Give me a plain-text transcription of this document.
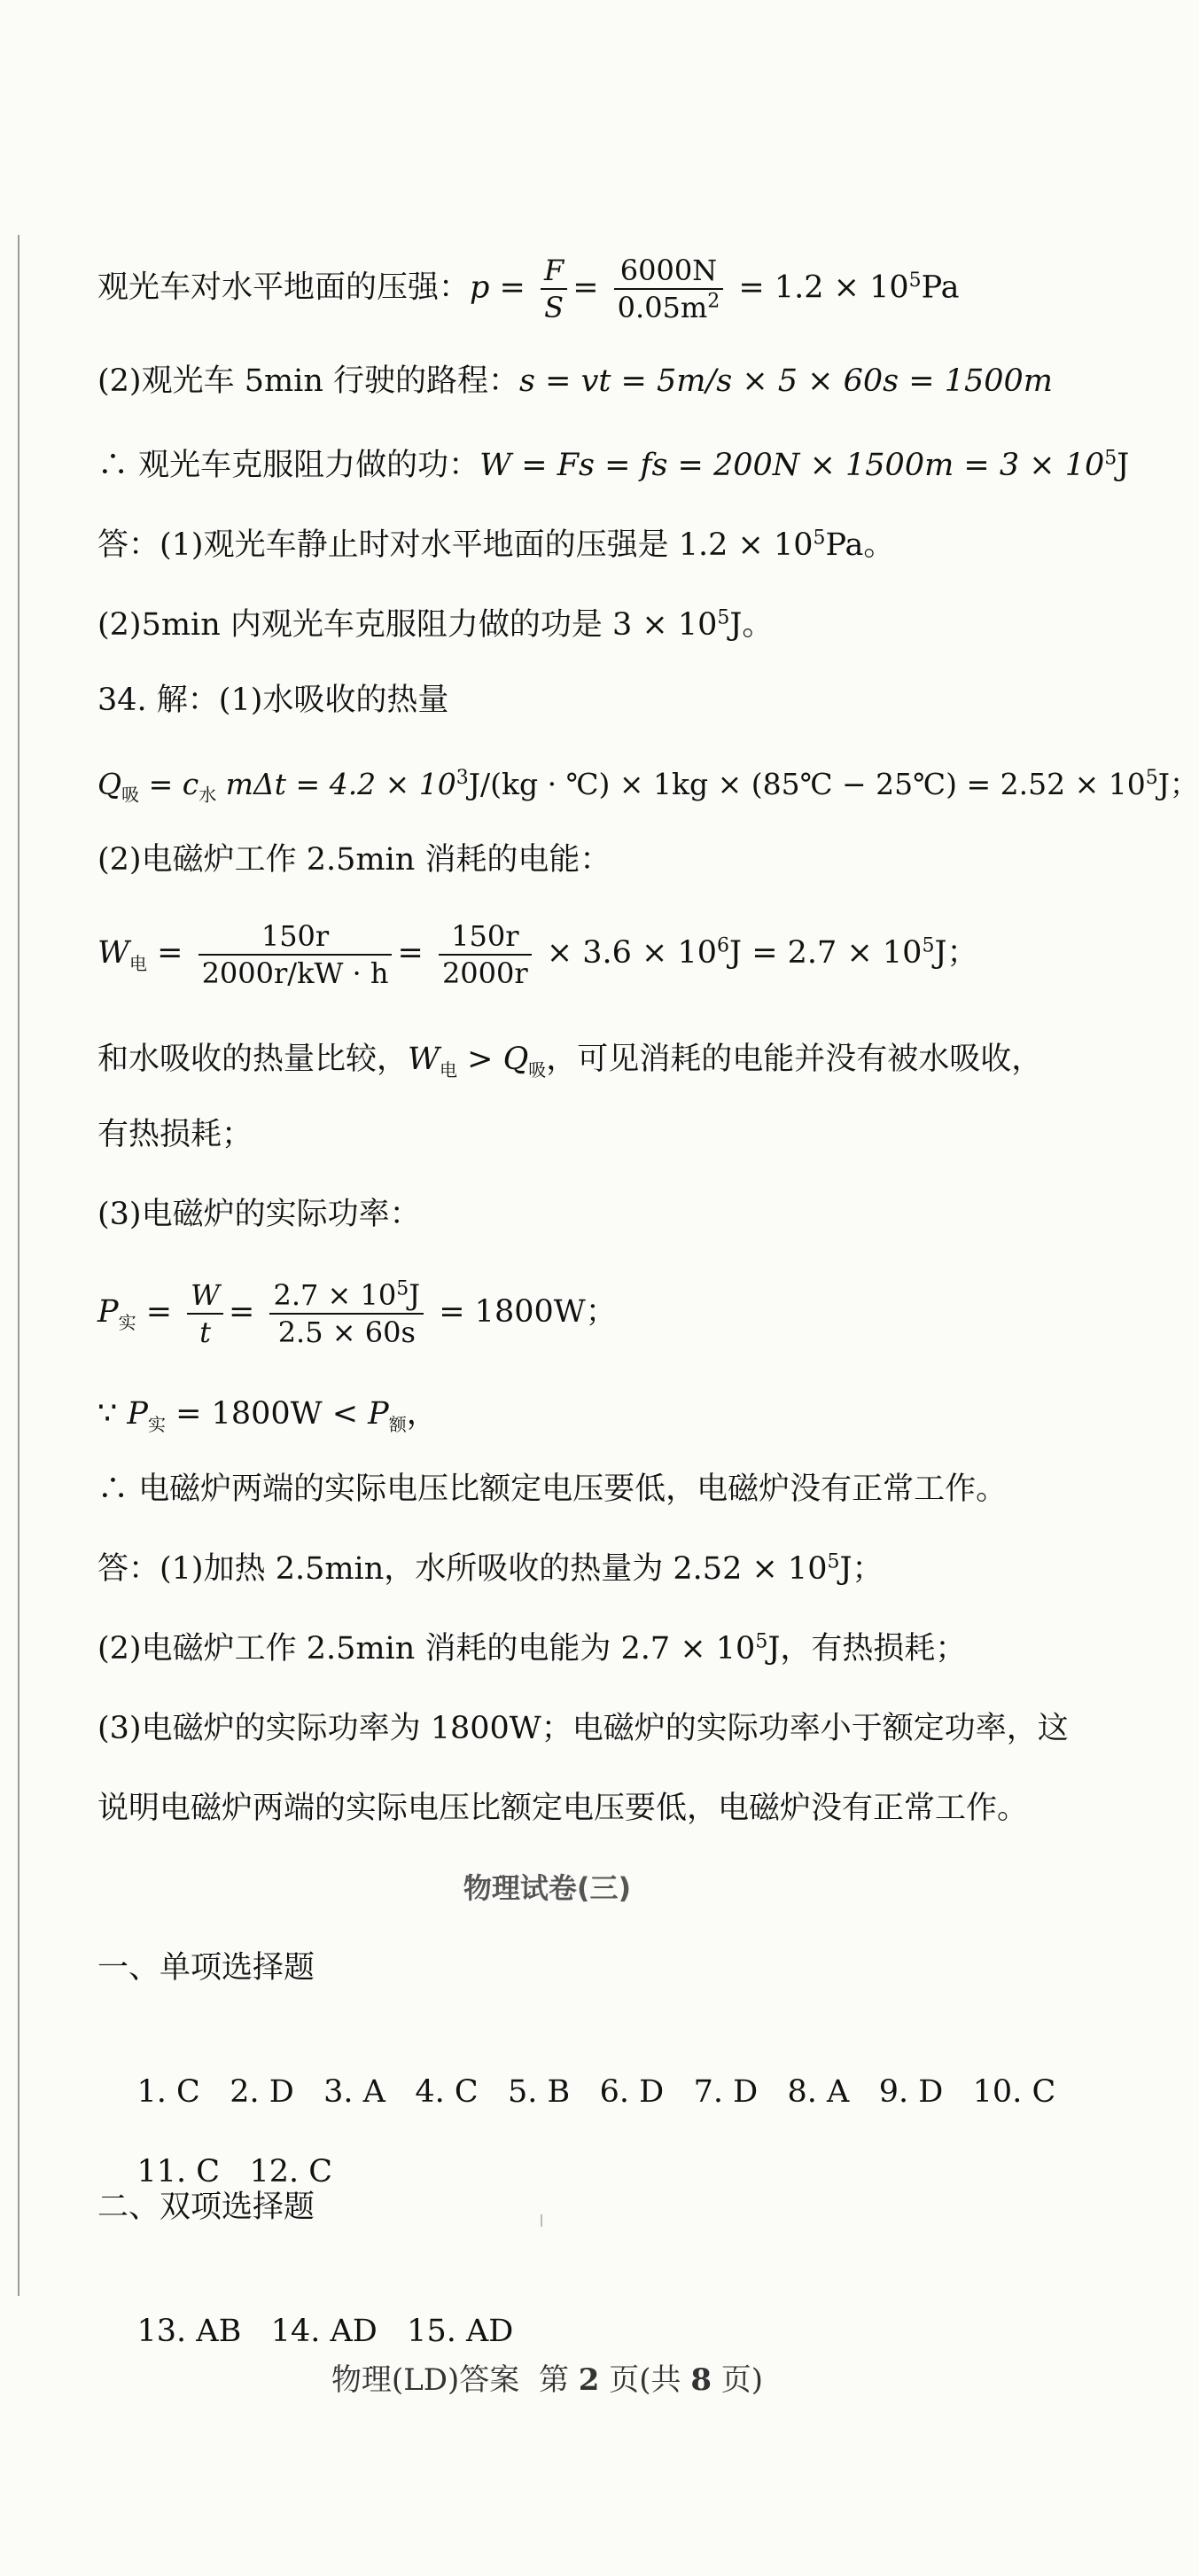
观光车对水平地面的压强：$p = \frac{F}{S} = \frac{6000N}{0.05m^2} = 1.2 \times 10^5Pa$
(2)观光车 5min 行驶的路程：s = vt = 5m/s × 5 × 60s = 1500m
∴ 观光车克服阻力做的功：W = Fs = fs = $200N \times 1500m = 3 \times 10^5J$
答：(1)观光车静止时对水平地面的压强是 $1.2 \times 10^5Pa$。
(2)5min 内观光车克服阻力做的功是 $3 \times 10^5J$。
34. 解：(1)水吸收的热量
$Q_吸 = c_水$ $m\Delta t = 4.2 \times 10^3J/(kg$ · ℃) × 1kg × (85℃ − 25℃) = $2.52 \times 10^5J$；
(2)电磁炉工作 2.5min 消耗的电能：
$W_电 = \frac{150r}{2000r/kW \cdot h} = \frac{150r}{2000r} \times 3.6 \times 10^6J = 2.7 \times 10^5J$；
和水吸收的热量比较，$W_电 > Q_吸$，可见消耗的电能并没有被水吸收，
有热损耗；
(3)电磁炉的实际功率：
$P_实 = \frac{W}{t} = \frac{2.7 \times 10^5J}{2.5 \times 60s} = 1800W$；
∵ $P_实 = 1800W < P_额$，
∴ 电磁炉两端的实际电压比额定电压要低，电磁炉没有正常工作。
答：(1)加热 2.5min，水所吸收的热量为 $2.52 \times 10^5J$；
(2)电磁炉工作 2.5min 消耗的电能为 $2.7 \times 10^5J$，有热损耗；
(3)电磁炉的实际功率为 1800W；电磁炉的实际功率小于额定功率，这
说明电磁炉两端的实际电压比额定电压要低，电磁炉没有正常工作。
物理试卷(三)
一、单项选择题

1. C   2. D   3. A   4. C   5. B   6. D   7. D   8. A   9. D   10. C

11. C   12. C

二、双项选择题

13. AB   14. AD   15. AD

物理(LD)答案 第 2 页(共 8 页)
